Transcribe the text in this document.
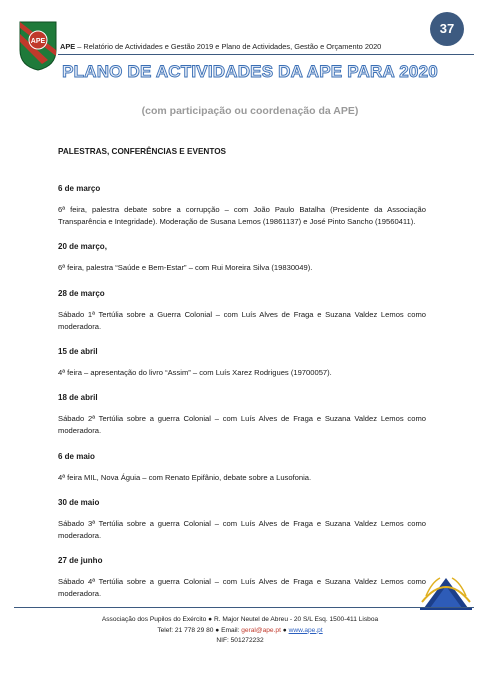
APE
37
APE – Relatório de Actividades e Gestão 2019 e Plano de Actividades, Gestão e Orçamento 2020
PLANO DE ACTIVIDADES DA APE PARA 2020
(com participação ou coordenação da APE)
PALESTRAS, CONFERÊNCIAS E EVENTOS

6 de março

6ª feira, palestra debate sobre a corrupção – com João Paulo Batalha (Presidente da Associação Transparência e Integridade). Moderação de Susana Lemos (19861137) e José Pinto Sancho (19560411).

20 de março,

6ª feira, palestra “Saúde e Bem-Estar” – com Rui Moreira Silva (19830049).

28 de março

Sábado 1ª Tertúlia sobre a Guerra Colonial – com Luís Alves de Fraga e Suzana Valdez Lemos como moderadora.

15 de abril

4ª feira – apresentação do livro “Assim” – com Luís Xarez Rodrigues (19700057).

18 de abril

Sábado 2ª Tertúlia sobre a guerra Colonial – com Luís Alves de Fraga e Suzana Valdez Lemos como moderadora.

6 de maio

4ª feira MIL, Nova Águia – com Renato Epifânio, debate sobre a Lusofonia.

30 de maio

Sábado 3ª Tertúlia sobre a guerra Colonial – com Luís Alves de Fraga e Suzana Valdez Lemos como moderadora.

27 de junho

Sábado 4ª Tertúlia sobre a guerra Colonial – com Luís Alves de Fraga e Suzana Valdez Lemos como moderadora.

Associação dos Pupilos do Exército ● R. Major Neutel de Abreu - 20 S/L Esq. 1500-411 Lisboa
Telef: 21 778 29 80 ● Email: geral@ape.pt ● www.ape.pt
NIF: 501272232
